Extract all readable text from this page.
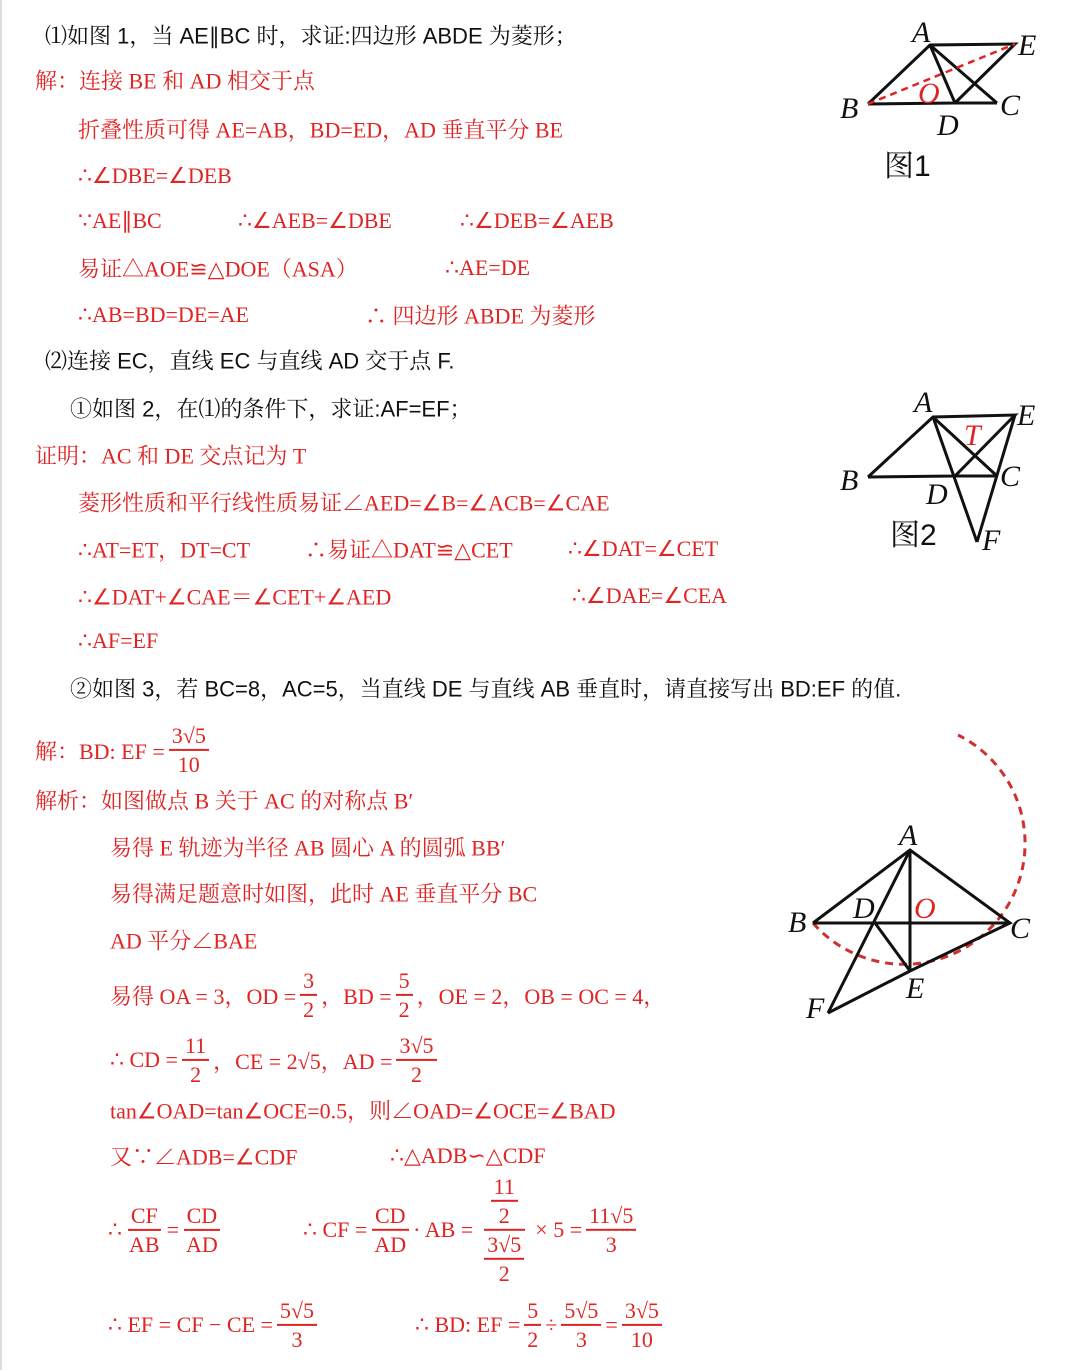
⑴如图 1，当 AE∥BC 时，求证:四边形 ABDE 为菱形；
解：连接 BE 和 AD 相交于点
折叠性质可得 AE=AB，BD=ED，AD 垂直平分 BE
∴∠DBE=∠DEB
∵AE∥BC	∴∠AEB=∠DBE	∴∠DEB=∠AEB
易证△AOE≌△DOE（ASA）	∴AE=DE
∴AB=BD=DE=AE	∴ 四边形 ABDE 为菱形
⑵连接 EC，直线 EC 与直线 AD 交于点 F.
①如图 2，在⑴的条件下，求证:AF=EF；
证明：AC 和 DE 交点记为 T
菱形性质和平行线性质易证∠AED=∠B=∠ACB=∠CAE
∴AT=ET，DT=CT ∴易证△DAT≌△CET	∴∠DAT=∠CET
∴∠DAT+∠CAE＝∠CET+∠AED	∴∠DAE=∠CEA
∴AF=EF
②如图 3，若 BC=8，AC=5，当直线 DE 与直线 AB 垂直时，请直接写出 BD:EF 的值.
解：BD: EF = $\frac{3√5}{10}$
解析：如图做点 B 关于 AC 的对称点 B′
易得 E 轨迹为半径 AB 圆心 A 的圆弧 BB′
易得满足题意时如图，此时 AE 垂直平分 BC
AD 平分∠BAE
易得 OA = 3，OD = $\frac{3}{2}$ ，BD = $\frac{5}{2}$ ，OE = 2，OB = OC = 4，
∴ CD = $\frac{11}{2}$ ，CE = 2√5，AD = $\frac{3√5}{2}$
tan∠OAD=tan∠OCE=0.5，则∠OAD=∠OCE=∠BAD
又∵∠ADB=∠CDF	∴△ADB∽△CDF
∴ $\frac{CF}{AB} = \frac{CD}{AD}$	∴ CF = $\frac{CD}{AD}$ · AB = $\frac{\frac{11}{2}}{\frac{3√5}{2}} \times 5 = \frac{11√5}{3}$
∴ EF = CF − CE = $\frac{5√5}{3}$	∴ BD: EF = $\frac{5}{2} \div \frac{5√5}{3} = \frac{3√5}{10}$
A	E
B O
D
C
图1
A	E
T
B	C
D
F
图2
A
B D O
C
F
E
